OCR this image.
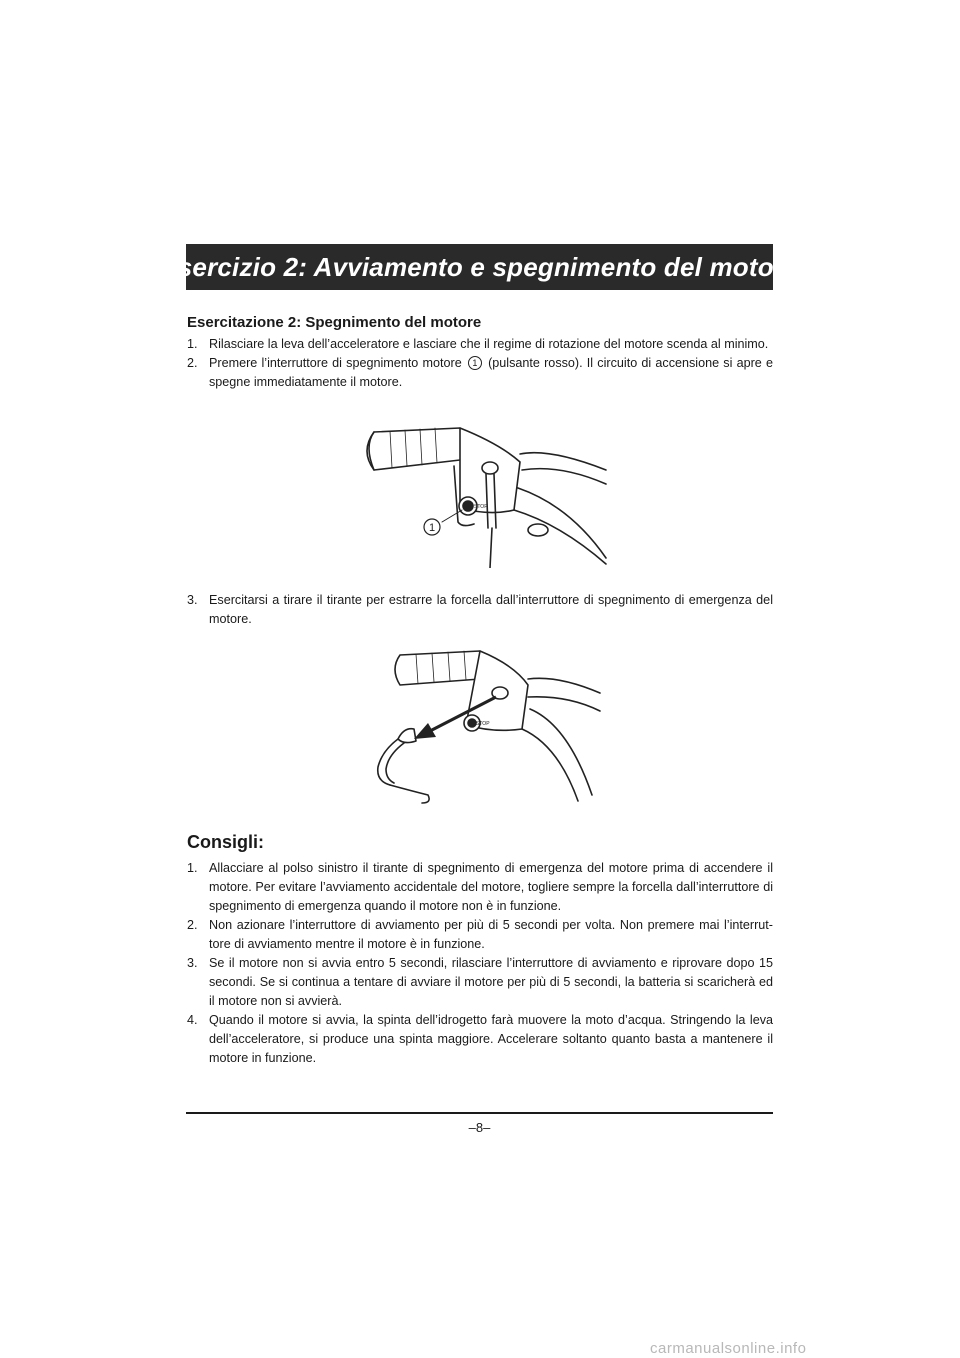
Esercizio 2: Avviamento e spegnimento del motore
Esercitazione 2: Spegnimento del motore
1. Rilasciare la leva dell’acceleratore e lasciare che il regime di rotazione del motore scenda al minimo.
2. Premere l’interruttore di spegnimento motore 1 (pulsante rosso). Il circuito di accensione si apre e spegne immediatamente il motore.
1
STOP
3. Esercitarsi a tirare il tirante per estrarre la forcella dall’interruttore di spegnimento di emergenza del motore.
STOP
Consigli:
1. Allacciare al polso sinistro il tirante di spegnimento di emergenza del motore prima di accendere il motore. Per evitare l’avviamento accidentale del motore, togliere sempre la forcella dall’interruttore di spegnimento di emergenza quando il motore non è in funzione.
2. Non azionare l’interruttore di avviamento per più di 5 secondi per volta. Non premere mai l’interrut-tore di avviamento mentre il motore è in funzione.
3. Se il motore non si avvia entro 5 secondi, rilasciare l’interruttore di avviamento e riprovare dopo 15 secondi. Se si continua a tentare di avviare il motore per più di 5 secondi, la batteria si scaricherà ed il motore non si avvierà.
4. Quando il motore si avvia, la spinta dell’idrogetto farà muovere la moto d’acqua. Stringendo la leva dell’acceleratore, si produce una spinta maggiore. Accelerare soltanto quanto basta a mantenere il motore in funzione.
–8–
carmanualsonline.info
